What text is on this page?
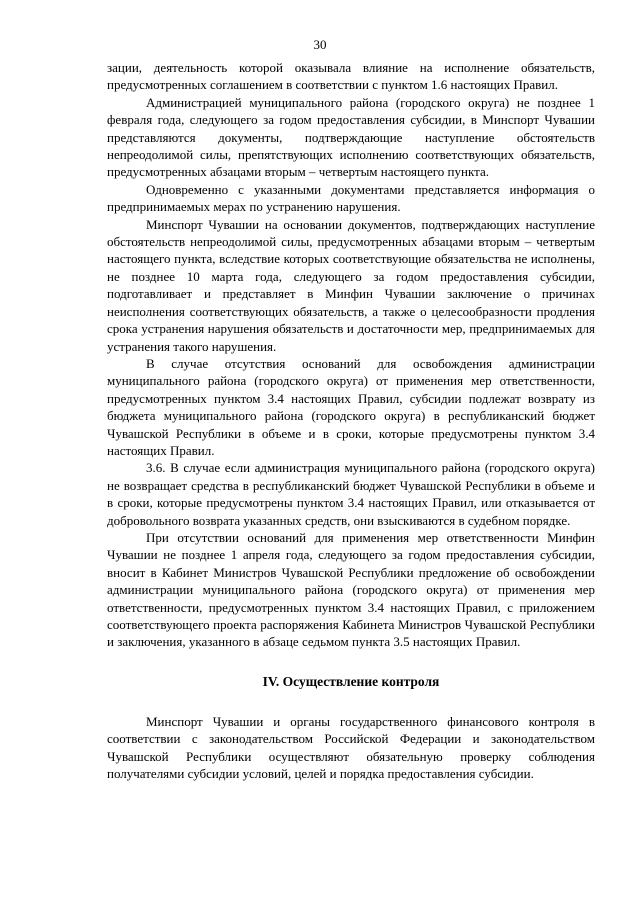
30

зации, деятельность которой оказывала влияние на исполнение обязательств, предусмотренных соглашением в соответствии с пунктом 1.6 настоящих Правил.

Администрацией муниципального района (городского округа) не позднее 1 февраля года, следующего за годом предоставления субсидии, в Минспорт Чувашии представляются документы, подтверждающие наступление обстоятельств непреодолимой силы, препятствующих исполнению соответствующих обязательств, предусмотренных абзацами вторым – четвертым настоящего пункта.

Одновременно с указанными документами представляется информация о предпринимаемых мерах по устранению нарушения.

Минспорт Чувашии на основании документов, подтверждающих наступление обстоятельств непреодолимой силы, предусмотренных абзацами вторым – четвертым настоящего пункта, вследствие которых соответствующие обязательства не исполнены, не позднее 10 марта года, следующего за годом предоставления субсидии, подготавливает и представляет в Минфин Чувашии заключение о причинах неисполнения соответствующих обязательств, а также о целесообразности продления срока устранения нарушения обязательств и достаточности мер, предпринимаемых для устранения такого нарушения.

В случае отсутствия оснований для освобождения администрации муниципального района (городского округа) от применения мер ответственности, предусмотренных пунктом 3.4 настоящих Правил, субсидии подлежат возврату из бюджета муниципального района (городского округа) в республиканский бюджет Чувашской Республики в объеме и в сроки, которые предусмотрены пунктом 3.4 настоящих Правил.

3.6. В случае если администрация муниципального района (городского округа) не возвращает средства в республиканский бюджет Чувашской Республики в объеме и в сроки, которые предусмотрены пунктом 3.4 настоящих Правил, или отказывается от добровольного возврата указанных средств, они взыскиваются в судебном порядке.

При отсутствии оснований для применения мер ответственности Минфин Чувашии не позднее 1 апреля года, следующего за годом предоставления субсидии, вносит в Кабинет Министров Чувашской Республики предложение об освобождении администрации муниципального района (городского округа) от применения мер ответственности, предусмотренных пунктом 3.4 настоящих Правил, с приложением соответствующего проекта распоряжения Кабинета Министров Чувашской Республики и заключения, указанного в абзаце седьмом пункта 3.5 настоящих Правил.

IV. Осуществление контроля

Минспорт Чувашии и органы государственного финансового контроля в соответствии с законодательством Российской Федерации и законодательством Чувашской Республики осуществляют обязательную проверку соблюдения получателями субсидии условий, целей и порядка предоставления субсидии.
